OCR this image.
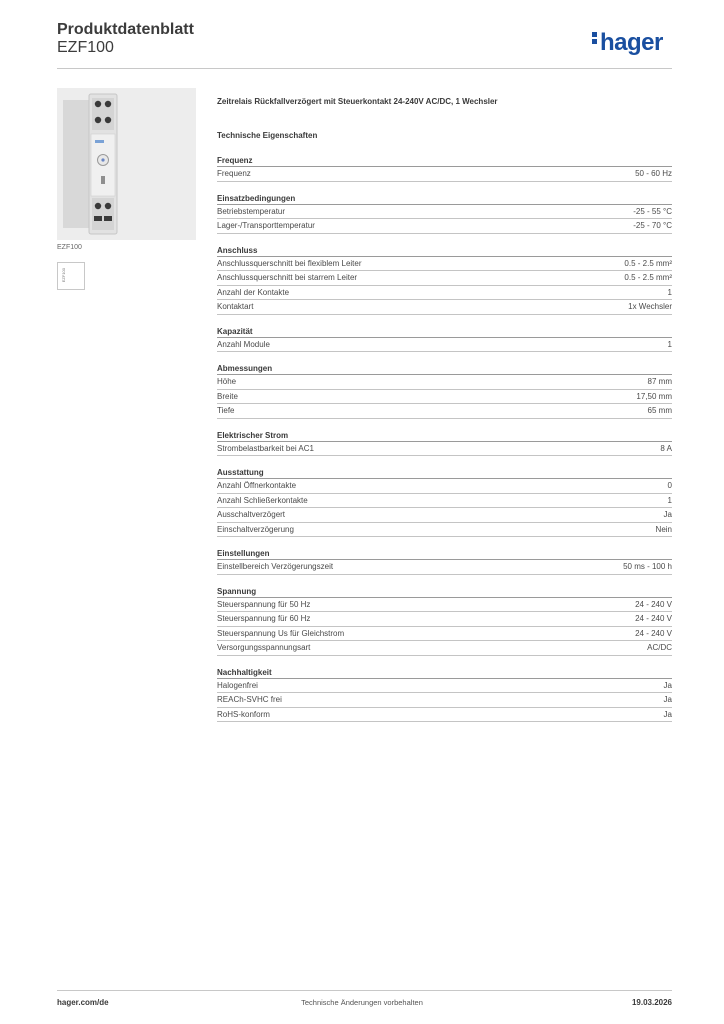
Produktdatenblatt
EZF100	hager
EZF100
EZF100
Zeitrelais Rückfallverzögert mit Steuerkontakt 24-240V AC/DC, 1 Wechsler
Technische Eigenschaften
Frequenz
Frequenz	50 - 60 Hz
Einsatzbedingungen
Betriebstemperatur	-25 - 55 °C
Lager-/Transporttemperatur	-25 - 70 °C
Anschluss
Anschlussquerschnitt bei flexiblem Leiter	0.5 - 2.5 mm²
Anschlussquerschnitt bei starrem Leiter	0.5 - 2.5 mm²
Anzahl der Kontakte	1
Kontaktart	1x Wechsler
Kapazität
Anzahl Module	1
Abmessungen
Höhe	87 mm
Breite	17,50 mm
Tiefe	65 mm
Elektrischer Strom
Strombelastbarkeit bei AC1	8 A
Ausstattung
Anzahl Öffnerkontakte	0
Anzahl Schließerkontakte	1
Ausschaltverzögert	Ja
Einschaltverzögerung	Nein
Einstellungen
Einstellbereich Verzögerungszeit	50 ms - 100 h
Spannung
Steuerspannung für 50 Hz	24 - 240 V
Steuerspannung für 60 Hz	24 - 240 V
Steuerspannung Us für Gleichstrom	24 - 240 V
Versorgungsspannungsart	AC/DC
Nachhaltigkeit
Halogenfrei	Ja
REACh-SVHC frei	Ja
RoHS-konform	Ja
hager.com/de	Technische Änderungen vorbehalten	19.03.2026
